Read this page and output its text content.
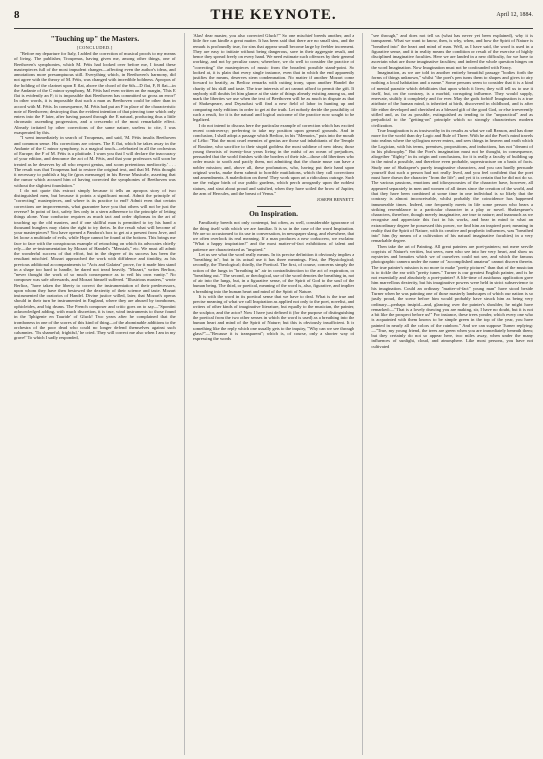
8	THE KEYNOTE.	April 12, 1884.
"Touching up" the Masters.
[CONCLUDED.]

"Before my departure for Italy, I added the correction of musical proofs to my means of living. The publisher, Troupenas, having given me, among other things, one of Beethoven's symphonies, which M. Fétis had looked over before me, I found these masterpieces full of the most impudent changes—affecting even the author's ideas, and annotations more presumptuous still. Everything which, in Beethoven's harmony, did not agree with the theory of M. Fétis, was changed with incredible boldness. Apropos of the holding of the clarinet upon E flat, above the chord of the 6th—D flat, F, B flat—in the Andante of the C minor symphony, M. Fétis had even written on the margin, 'This E flat is evidently an F; it is impossible that Beethoven has committed so gross an error!' In other words, it is impossible that such a man as Beethoven could be other than in accord with M. Fétis. In consequence, M. Fétis had put an F in place of the characteristic note of Beethoven; destroying thus the evident intention of that piercing tone which only enters into the F later, after having passed through the E natural, producing thus a little chromatic ascending progression, and a crescendo of the most remarkable effect. Already irritated by other corrections of the same nature, useless to cite, I was exasperated by this.

"I went immediately in search of Troupenas, and said, 'M. Fétis insults Beethoven and common sense. His corrections are crimes. The E flat, which he takes away in the Andante of the C minor symphony, is a magical touch—celebrated in all the orchestras of Europe; the F of M. Fétis is a platitude. I warn you that I will declare the inaccuracy of your edition, and denounce the act of M. Fétis, and that your professors will soon be treated as he deserves by all who respect genius, and scorn pretentious mediocrity.' . . . The result was that Troupenas had to restore the original text, and that M. Fétis thought it necessary to publish a big lie (gros mensonge) in his Revue Musicale, asserting that the rumor which accused him of having corrected the symphonies of Beethoven was without the slightest foundation."

I do not quote this extract simply because it tells an apropos story of two distinguished men, but because it points a significant moral. Admit the principle of "correcting" masterpieces, and where is its practice to end? Admit even that certain corrections are improvements, what guarantee have you that others will not be just the reverse? In point of fact, safety lies only in a stern adherence to the principle of letting things alone. Your conductor requires as much tact and order diplomas in the art of touching up the old masters, and if one skillful man is permitted to try his hand a thousand bunglers may claim the right to try theirs. In the result what will become of your masterpieces? You have opened a Pandora's box to get at a present from Jove, and let loose a multitude of evils, while Hope cannot be found at the bottom. This brings me face to face with the conspicuous example of retouching on which its advocates chiefly rely—the re-instrumentation by Mozart of Handel's "Messiah," etc. We must all admit the wonderful success of that effort, but in the degree of its success has been the resultant mischief. Mozart approached the work with diffidence and timidity, as his previous additional accompaniments to "Acis and Galatea" prove, for it made him stand in a shape too hard to handle, he dared not tread heavily. "Mozart," writes Berlioz, "never thought the work of so much consequence as to veil his own vanity." No composer was safe afterwards, and Mozart himself suffered. "Illustrious masters," wrote Berlioz, "have taken the liberty to correct the instrumentation of their predecessors, upon whom they have then bestowed the dexterity of their science and taste. Mozart instrumented the oratorios of Handel. Divine justice willed, later, that Mozart's operas should in their turn be instrumented in England, where they are abused by trombones, ophicleides, and big drums. The French composer and critic goes on to say—"Spontini acknowledged adding, with much discretion, it is true, wind instruments to those found in the 'Iphigenie en Tauride' of Gluck! Two years after he complained that the tromboness in one of the scores of this kind of thing—of the abominable additions to the orchestra of the poor dead who could no longer defend themselves against such calumnies. 'Tis shameful; frightful,' he cried. They will correct me also when I am in my grave!' To which I sadly responded,

'Alas! dear master, you also corrected Gluck!'" So one mischief breeds another, and a little fire can kindle a great matter. It has been said that there are no small sins, and the remark is profoundly true, for sins that appear small become large by feebler increment. They are easy to initiate without being dangerous, save in their aggregate result, and hence they spread freely on every hand. We need estimate such offences by their general working, and not by peculiar cases; wherefore, we do well to consider the practice of "correcting" the masterpieces of music from the broadest possible stand-point. So looked at, it is plain that every single instance, even that in which the end apparently justifies the means, deserves stern condemnation. No matter if another Mozart come forward to beatify, as Berlioz remarks with cutting irony, upon another Handel the charity of his skill and taste. The true interests of art cannot afford to permit the gift. If anybody still doubts let him glance at the state of things already existing among us, and mark the liberties we use when the text of Beethoven will be as much in dispute as that of Shakespeare, and Dryasdust will find a new field of labor in hunting up and comparing early editions in order to get at the truth. Let nobody deride the possibility of such a result, for it is the natural and logical outcome of the practice now sought to be legalized.

I do not intend to discuss here the particular example of correction which has excited recent controversy; preferring to take my position upon general grounds. And in conclusion, I shall adopt a passage which Berlioz, in his "Memoirs," puts into the mouth of Lélio: "But the most cruel enemies of genius are those sad inhabitants of the Temple of Routine, who sacrifice to their stupid goddess the most sublime of new ideas; those young theorists of twenty-four years living in the midst of an ocean of prejudices, persuaded that the world finishes with the borders of their isle—those old libertines who order music to sooth and pacify them, not admitting that the chaste muse can have a nobler mission; and, above all, these profanators, who, having put their hand upon original works, make them submit to horrible mutilations, which they call corrections and amendments. A malediction on them! They work upon art a ridiculous outrage. Such are the vulgar birds of our public gardens, which perch arrogantly upon the noblest statues, and strut about proud and satisfied, when they have soiled the brow of Jupiter, the arm of Hercules, and the breast of Venus."

JOSEPH BENNETT.
On Inspiration.

Familiarity breeds not only contempt, but often, as well, considerable ignorance of the thing itself with which we are familiar. It is so in the case of the word Inspiration. We are so accustomed to its use in conversation, in newspaper slang, and elsewhere, that we often overlook its real meaning. If a man produces a new corkscrew, we exclaim: "What a happy inspiration!" and the most matter-of-fact exhibitions of talent and patience are characterized as "inspired."

Let us see what the word really means. In its precise definition it obviously implies a "breathing in"; but in its actual use it has three meanings. First, the Physiological; secondly, the Theological; thirdly, the Poetical. The first, of course, concerns simply the action of the lungs in "breathing in" air in contradistinction to the act of expiration, or "breathing out." The second, or theological, use of the word denotes the breathing in, not of air into the lungs, but, in a figurative sense, of the Spirit of God to the soul of the human being. The third, or poetical, meaning of the word is, also, figurative, and implies a breathing into the human heart and mind of the Spirit of Nature.

It is with the word in its poetical sense that we have to deal. What is the true and precise meaning of what we call Inspiration as applied not only to the poet, novelist, and writers of other kinds of imaginative literature, but equally to the musician, the painter, the sculptor, and the actor? Now I have just defined it (for the purpose of distinguishing the poetical from the two other senses in which the word is used) as a breathing into the human heart and mind of the Spirit of Nature; but this is obviously insufficient. It is something like the reply which one usually gets to the inquiry, "Why can we see through glass?"—"Because it is transparent"; which is, of course, only a shorter way of expressing the words

"see through," and does not tell us (what has never yet been explained), why it is transparent. What we want to know, then, is why, when, and how the Spirit of Nature is "breathed into" the heart and mind of man. Well, as I have said, the word is used in a figurative sense, and it in reality means the condition or result of the exercise of highly disciplined imaginative faculties. Here we are landed in a new difficulty, for we have to ascertain what are those imaginative faculties; and indeed the whole question hinges on the word Imagination. Now Imagination must not be confounded with Fancy.

Imagination, as we are told in another entirely beautiful passage "bodies forth the forms of things unknown," whilst "the poet's pen turns them to shapes and gives to airy nothing a local habitation and a name." Some persons seem to consider that it is a kind of mental parasite which debilitates that upon which it lives; they will tell us to use it itself, but, on the contrary, is a morbid, corrupting influence. They would supply, enervate, stultify it completely and for ever. May the gods forbid! Imagination is a true attribute of the human mind, is inherited at birth, discovered in childhood, and is after life either developed and cherished as a blessed gift of the good God, or else irreverently stifled and, as far as possible, extinguished as tending to the "unpractical" and as prejudicial to the "getting-on" principle which so strongly characterises modern civilization.

True Imagination is as trustworthy in its results as what we call Reason, and has done more for the world than dry Logic and Rule of Three. With he aid the Poet's mind travels into realms where the syllogism never enters, and sees things in heaven and earth which the Logician, with his terms, premises, propositions, and inductions, has not "dreamt of in his philosophy." But the Poet's imagination must not be thought, in consequence, altogether "flighty" in its origin and conclusions, for it is really a faculty of building up in the mind a possible, and therefore even probable, superstructure on a basis of facts. Study one of Shakspere's purely imaginative characters, and you can hardly persuade yourself that such a person had not really lived, and you feel confident that the poet must have drawn the character "from the life"; and yet it is certain that he did not do so. The various passions, emotions and idiosyncrasies of the character have, however, all appeared separately in men and women of all times since the creation of the world, and that they have been combined at some time in one individual is so likely that the contrary is almost inconceivable, whilst probably the coincidence has happened innumerable times. Indeed, one frequently meets in life some person who bears a striking resemblance to a particular character in a play or novel. Shakespeare's characters, therefore, though merely imaginative, are true to nature; and inasmuch as we recognise and appreciate this fact in his works, and bear in mind to what an extraordinary degree he possessed this power, we find him an inspired poet; meaning in reality that the Spirit of Nature, with its creative and prophetic influences, was "breathed into" him (by means of a cultivation of his natural imaginative faculties) in a very remarkable degree.

Then take the art of Painting. All great painters are poet-painters; not mere servile copyists of Nature's verities, but seers, men who see into her very heart, and show us mysteries and beauties which we of ourselves could not see, and which the famous photographic camera under the name of "accomplished amateur" cannot discern therein. The true painter's mission is no more to make "pretty pictures" than that of the musician is to tickle the ear with "pretty tunes." Turner is our greatest English painter, and is he not essentially and absolutely a poet-painter? A life-time of assiduous application gave him marvellous dexterity, but his imaginative powers were held in strict subservience to his imagination. Could an ordinary "matter-of-fact" young man" have stood beside Turner when he was painting one of those masterly landscapes of which our nation is so justly proud, the scene before him would probably have struck him as being very ordinary—perhaps insipid—and, glancing over the painter's shoulder, he might have remarked:—"That is a lovely drawing you are making, sir, I have no doubt, but it is not a bit like the prospect before us!" For instance, these trees yonder, which every one who is acquainted with them knows to be simple green in the top of the year, you have painted in nearly all the colors of the rainbow." And we can suppose Turner replying:—"True, my young friend, the trees are green when you are immediately beneath them; but they certainly do not so appear here, two miles away, when under the many influences of sunlight, cloud, and atmosphere. Like most persons, you have not cultivated
